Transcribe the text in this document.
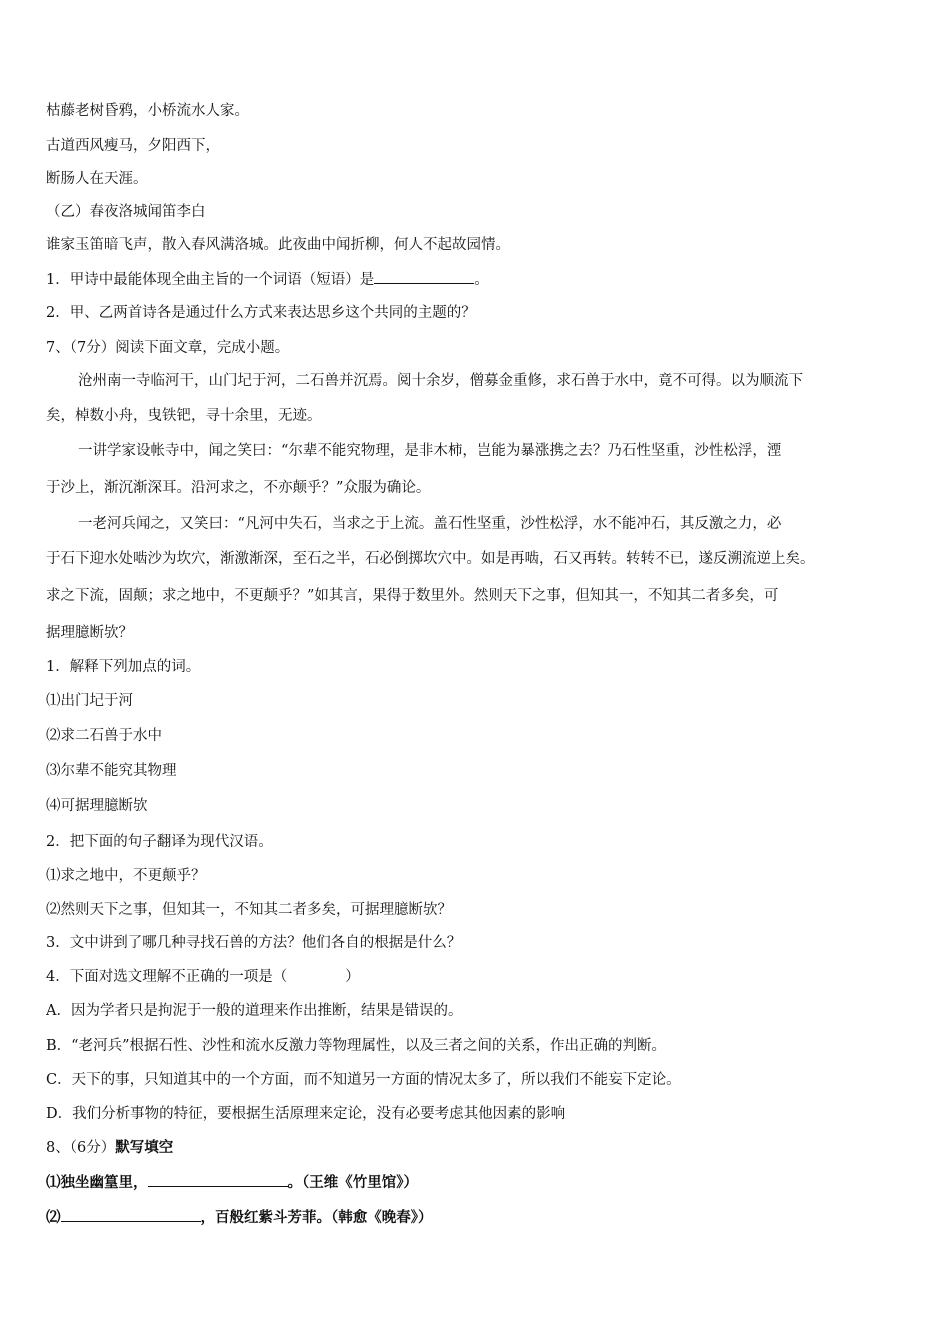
枯藤老树昏鸦，小桥流水人家。
古道西风瘦马，夕阳西下，
断肠人在天涯。
（乙）春夜洛城闻笛李白
谁家玉笛暗飞声，散入春风满洛城。此夜曲中闻折柳，何人不起故园情。
1．甲诗中最能体现全曲主旨的一个词语（短语）是	。
2．甲、乙两首诗各是通过什么方式来表达思乡这个共同的主题的？
7、（7分）阅读下面文章，完成小题。
沧州南一寺临河干，山门圮于河，二石兽并沉焉。阅十余岁，僧募金重修，求石兽于水中，竟不可得。以为顺流下
矣，棹数小舟，曳铁钯，寻十余里，无迹。
一讲学家设帐寺中，闻之笑曰：“尔辈不能究物理，是非木柿，岂能为暴涨携之去？乃石性坚重，沙性松浮，湮
于沙上，渐沉渐深耳。沿河求之，不亦颠乎？”众服为确论。
一老河兵闻之，又笑曰：“凡河中失石，当求之于上流。盖石性坚重，沙性松浮，水不能冲石，其反激之力，必
于石下迎水处啮沙为坎穴，渐激渐深，至石之半，石必倒掷坎穴中。如是再啮，石又再转。转转不已，遂反溯流逆上矣。
求之下流，固颠；求之地中，不更颠乎？”如其言，果得于数里外。然则天下之事，但知其一，不知其二者多矣，可
据理臆断欤？
1．解释下列加点的词。
⑴出门圮于河
⑵求二石兽于水中
⑶尔辈不能究其物理
⑷可据理臆断欤
2．把下面的句子翻译为现代汉语。
⑴求之地中，不更颠乎？
⑵然则天下之事，但知其一，不知其二者多矣，可据理臆断欤？
3．文中讲到了哪几种寻找石兽的方法？他们各自的根据是什么？
4．下面对选文理解不正确的一项是（　　　　）
A．因为学者只是拘泥于一般的道理来作出推断，结果是错误的。
B．“老河兵”根据石性、沙性和流水反激力等物理属性，以及三者之间的关系，作出正确的判断。
C．天下的事，只知道其中的一个方面，而不知道另一方面的情况太多了，所以我们不能妄下定论。
D．我们分析事物的特征，要根据生活原理来定论，没有必要考虑其他因素的影响
8、（6分）默写填空
⑴独坐幽篁里，	。（王维《竹里馆》）
⑵	，百般红紫斗芳菲。（韩愈《晚春》）
